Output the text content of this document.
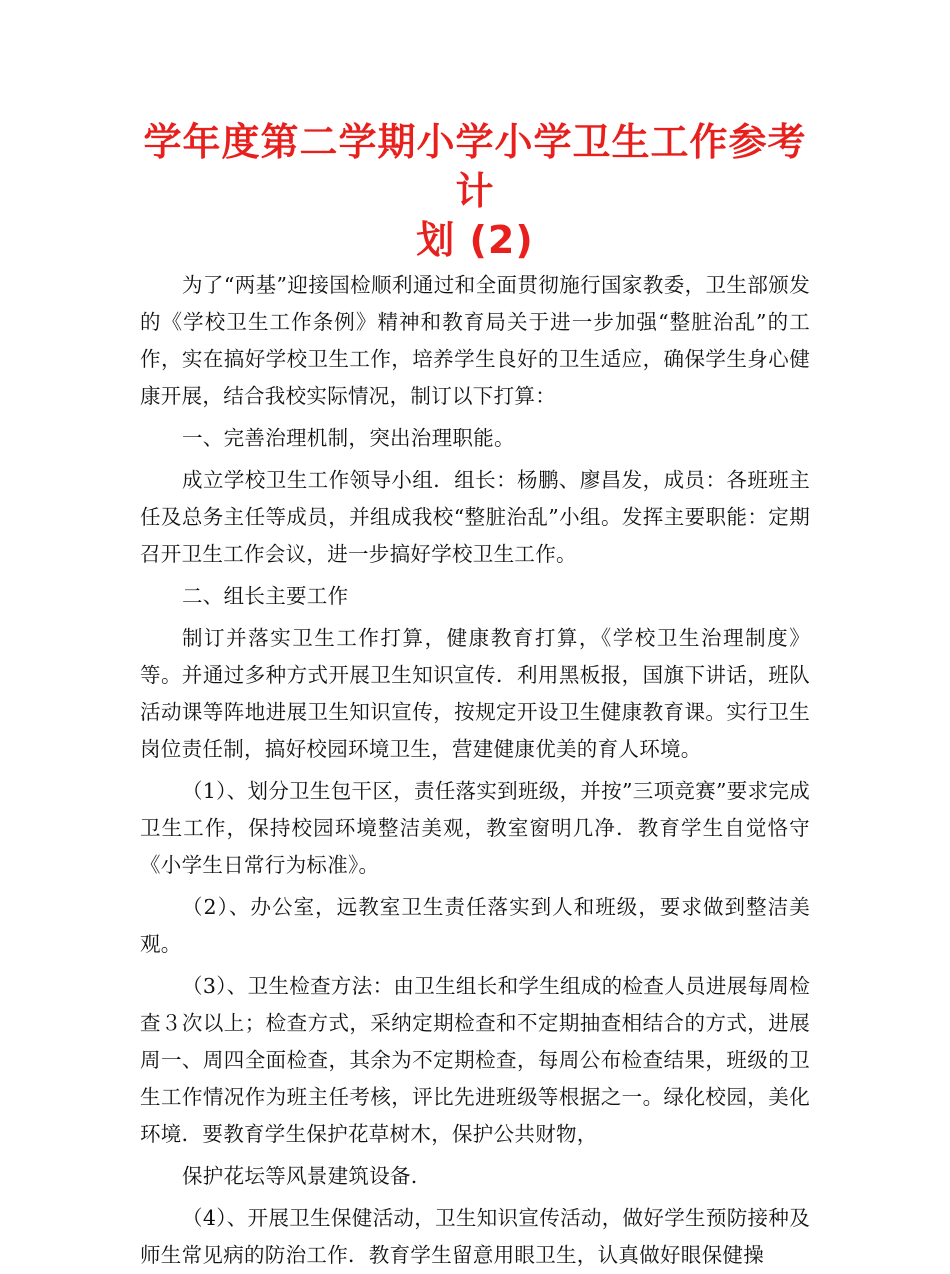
学年度第二学期小学小学卫生工作参考计
划 (2)

为了“两基”迎接国检顺利通过和全面贯彻施行国家教委，卫生部颁发的《学校卫生工作条例》精神和教育局关于进一步加强“整脏治乱”的工作，实在搞好学校卫生工作，培养学生良好的卫生适应，确保学生身心健康开展，结合我校实际情况，制订以下打算：

一、完善治理机制，突出治理职能。

成立学校卫生工作领导小组．组长：杨鹏、廖昌发，成员：各班班主任及总务主任等成员，并组成我校“整脏治乱”小组。发挥主要职能：定期召开卫生工作会议，进一步搞好学校卫生工作。

二、组长主要工作

制订并落实卫生工作打算，健康教育打算，《学校卫生治理制度》等。并通过多种方式开展卫生知识宣传．利用黑板报，国旗下讲话，班队活动课等阵地进展卫生知识宣传，按规定开设卫生健康教育课。实行卫生岗位责任制，搞好校园环境卫生，营建健康优美的育人环境。

（1）、划分卫生包干区，责任落实到班级，并按”三项竞赛”要求完成卫生工作，保持校园环境整洁美观，教室窗明几净．教育学生自觉恪守《小学生日常行为标准》。

（2）、办公室，远教室卫生责任落实到人和班级，要求做到整洁美观。

（3）、卫生检查方法：由卫生组长和学生组成的检查人员进展每周检查３次以上；检查方式，采纳定期检查和不定期抽查相结合的方式，进展周一、周四全面检查，其余为不定期检查，每周公布检查结果，班级的卫生工作情况作为班主任考核，评比先进班级等根据之一。绿化校园，美化环境．要教育学生保护花草树木，保护公共财物，

保护花坛等风景建筑设备.

（4）、开展卫生保健活动，卫生知识宣传活动，做好学生预防接种及师生常见病的防治工作．教育学生留意用眼卫生，认真做好眼保健操
